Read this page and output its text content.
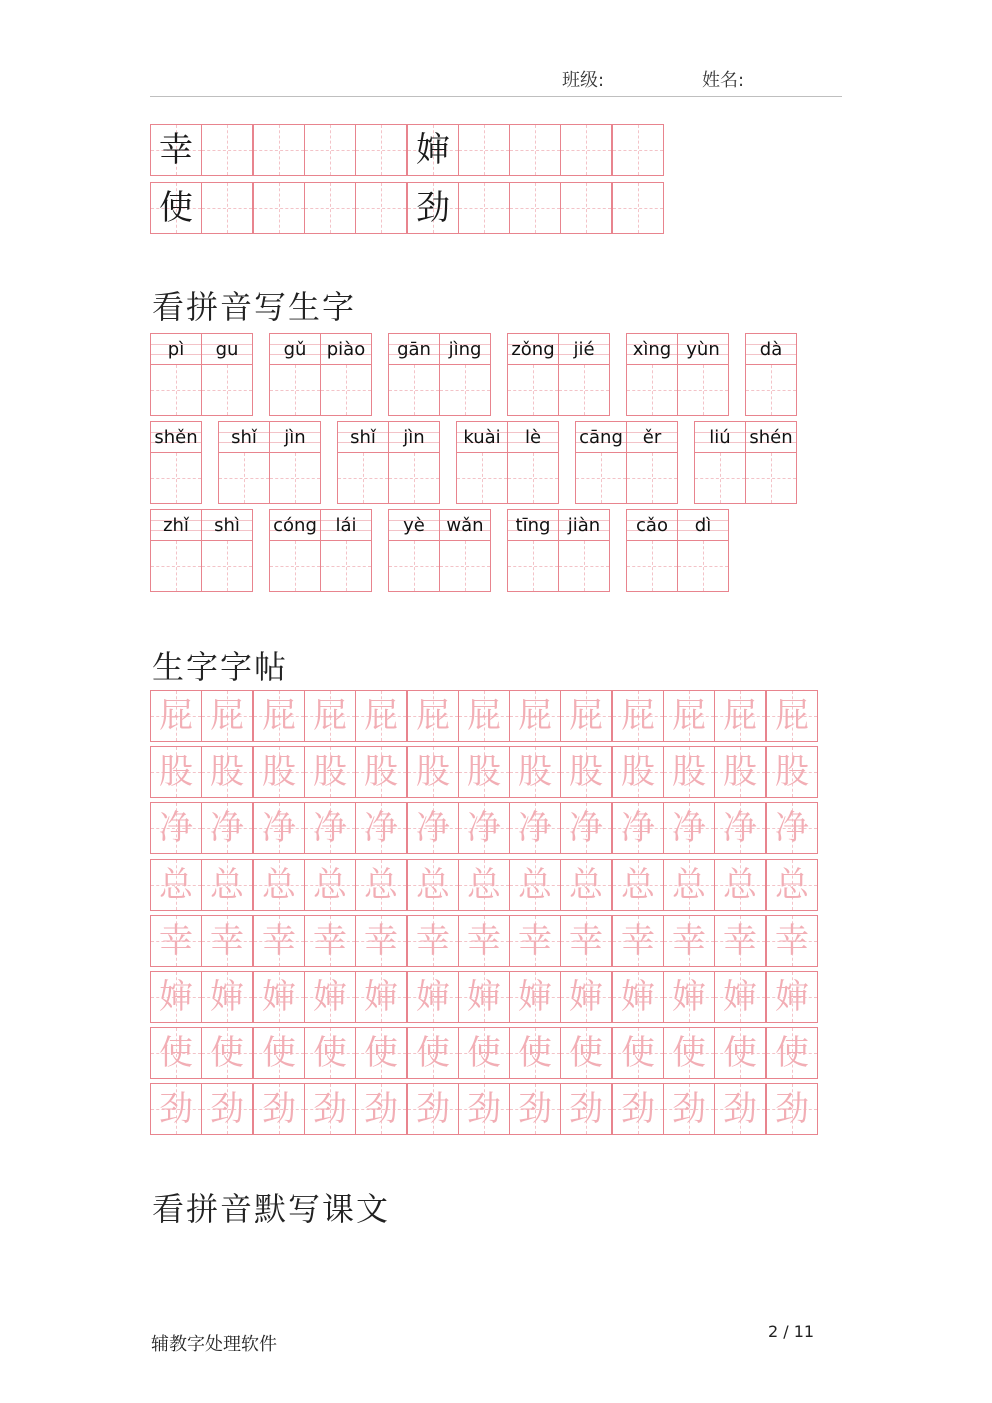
班级:	姓名:
看拼音写生字
生字字帖
看拼音默写课文
辅教字处理软件
2 / 11
幸	婶
使	劲
pì	gu	gǔ	piào	gān jìng	zǒng	jié	xìng yùn	dà
shěn	shǐ	jìn	shǐ	jìn	kuài	lè	cāng	ěr	liú	shén
zhǐ	shì	cóng	lái	yè	wǎn	tīng jiàn	cǎo	dì
屁 屁 屁 屁 屁 屁 屁 屁 屁 屁 屁 屁 屁
股 股 股 股 股 股 股 股 股 股 股 股 股
净 净 净 净 净 净 净 净 净 净 净 净 净
总 总 总 总 总 总 总 总 总 总 总 总 总
幸 幸 幸 幸 幸 幸 幸 幸 幸 幸 幸 幸 幸
婶 婶 婶 婶 婶 婶 婶 婶 婶 婶 婶 婶 婶
使 使 使 使 使 使 使 使 使 使 使 使 使
劲 劲 劲 劲 劲 劲 劲 劲 劲 劲 劲 劲 劲
